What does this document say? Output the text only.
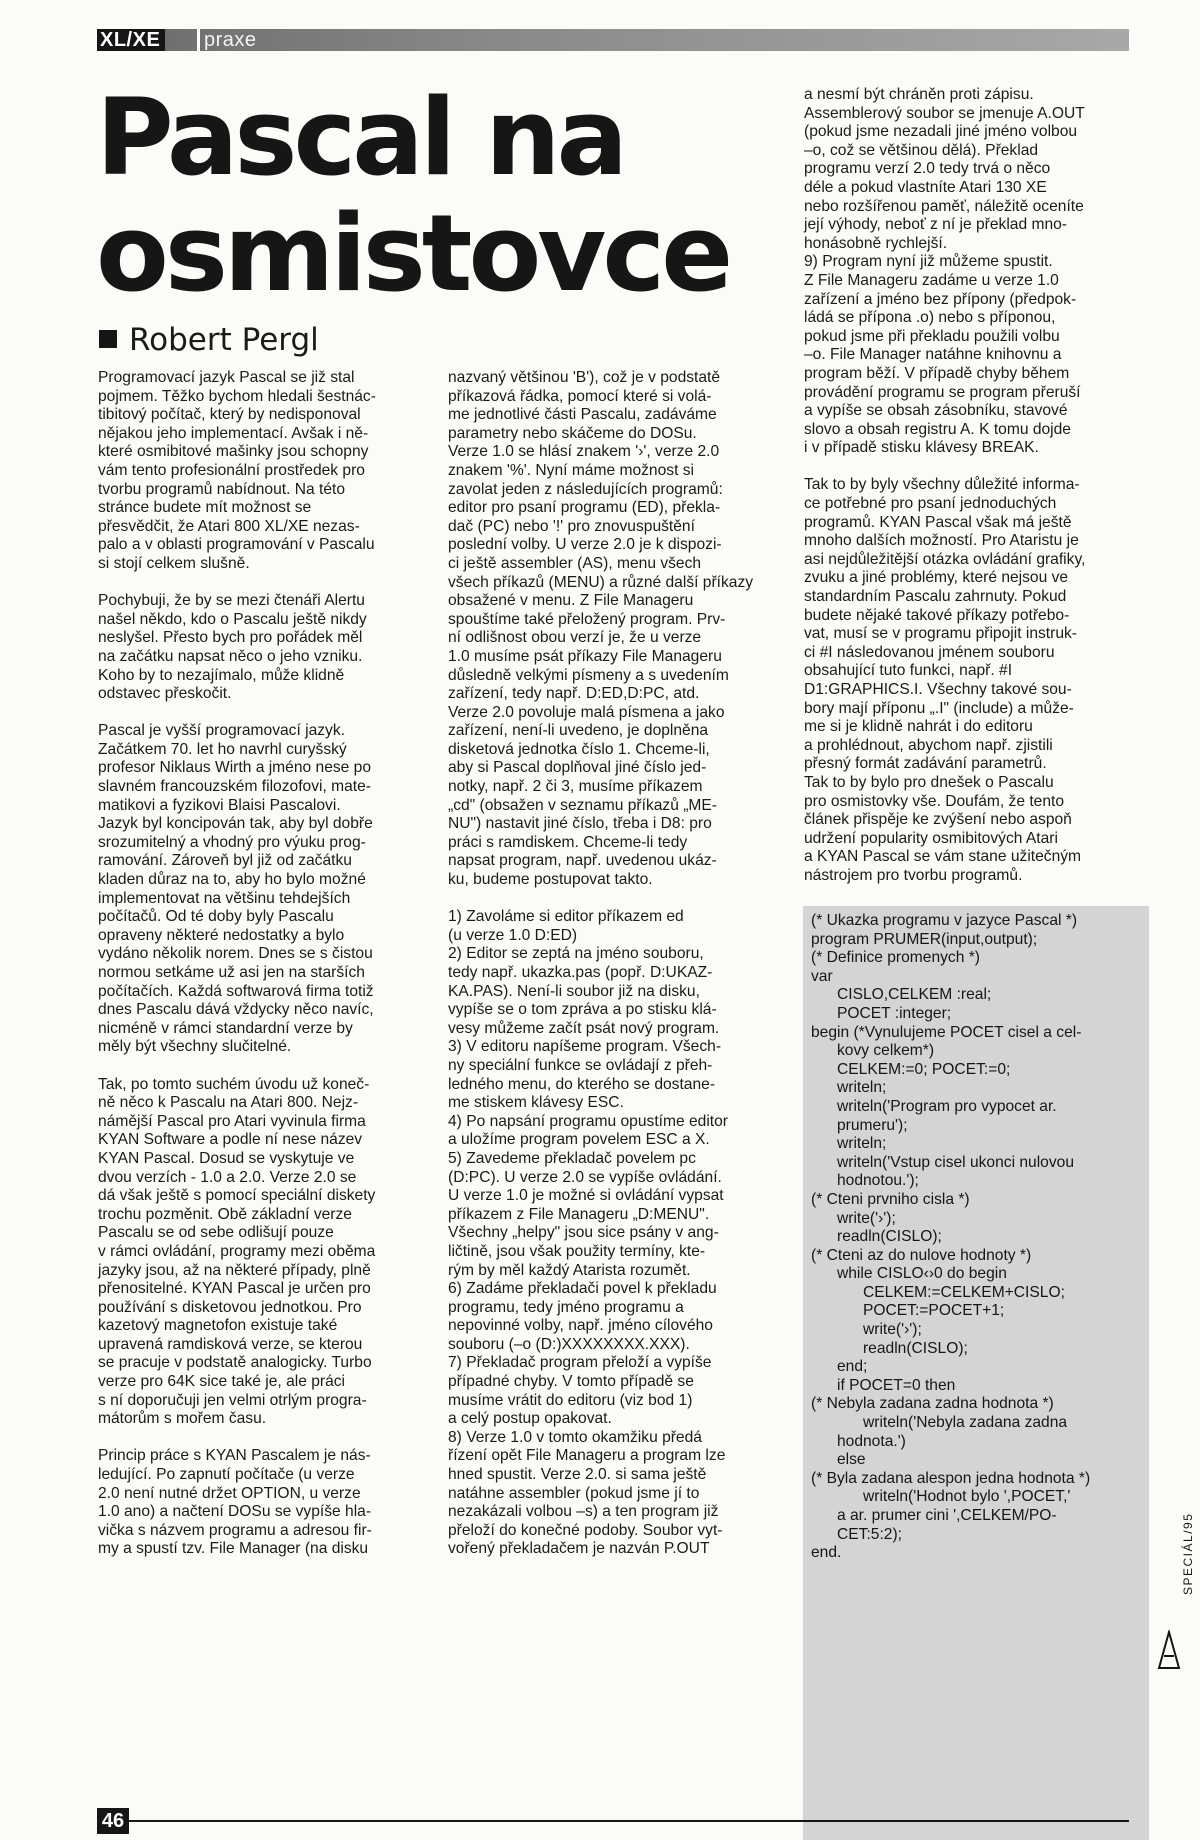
XL/XE	praxe
Pascal na
osmistovce
Robert Pergl

Programovací jazyk Pascal se již stal
pojmem. Těžko bychom hledali šestnác-
tibitový počítač, který by nedisponoval
nějakou jeho implementací. Avšak i ně-
které osmibitové mašinky jsou schopny
vám tento profesionální prostředek pro
tvorbu programů nabídnout. Na této
stránce budete mít možnost se
přesvědčit, že Atari 800 XL/XE nezas-
palo a v oblasti programování v Pascalu
si stojí celkem slušně.

Pochybuji, že by se mezi čtenáři Alertu
našel někdo, kdo o Pascalu ještě nikdy
neslyšel. Přesto bych pro pořádek měl
na začátku napsat něco o jeho vzniku.
Koho by to nezajímalo, může klidně
odstavec přeskočit.

Pascal je vyšší programovací jazyk.
Začátkem 70. let ho navrhl curyšský
profesor Niklaus Wirth a jméno nese po
slavném francouzském filozofovi, mate-
matikovi a fyzikovi Blaisi Pascalovi.
Jazyk byl koncipován tak, aby byl dobře
srozumitelný a vhodný pro výuku prog-
ramování. Zároveň byl již od začátku
kladen důraz na to, aby ho bylo možné
implementovat na většinu tehdejších
počítačů. Od té doby byly Pascalu
opraveny některé nedostatky a bylo
vydáno několik norem. Dnes se s čistou
normou setkáme už asi jen na starších
počítačích. Každá softwarová firma totiž
dnes Pascalu dává vždycky něco navíc,
nicméně v rámci standardní verze by
měly být všechny slučitelné.

Tak, po tomto suchém úvodu už koneč-
ně něco k Pascalu na Atari 800. Nejz-
námější Pascal pro Atari vyvinula firma
KYAN Software a podle ní nese název
KYAN Pascal. Dosud se vyskytuje ve
dvou verzích - 1.0 a 2.0. Verze 2.0 se
dá však ještě s pomocí speciální diskety
trochu pozměnit. Obě základní verze
Pascalu se od sebe odlišují pouze
v rámci ovládání, programy mezi oběma
jazyky jsou, až na některé případy, plně
přenositelné. KYAN Pascal je určen pro
používání s disketovou jednotkou. Pro
kazetový magnetofon existuje také
upravená ramdisková verze, se kterou
se pracuje v podstatě analogicky. Turbo
verze pro 64K sice také je, ale práci
s ní doporučuji jen velmi otrlým progra-
mátorům s mořem času.

Princip práce s KYAN Pascalem je nás-
ledující. Po zapnutí počítače (u verze
2.0 není nutné držet OPTION, u verze
1.0 ano) a načtení DOSu se vypíše hla-
vička s názvem programu a adresou fir-
my a spustí tzv. File Manager (na disku

nazvaný většinou 'B'), což je v podstatě
příkazová řádka, pomocí které si volá-
me jednotlivé části Pascalu, zadáváme
parametry nebo skáčeme do DOSu.
Verze 1.0 se hlásí znakem '›', verze 2.0
znakem '%'. Nyní máme možnost si
zavolat jeden z následujících programů:
editor pro psaní programu (ED), překla-
dač (PC) nebo '!' pro znovuspuštění
poslední volby. U verze 2.0 je k dispozi-
ci ještě assembler (AS), menu všech
všech příkazů (MENU) a různé další příkazy
obsažené v menu. Z File Manageru
spouštíme také přeložený program. Prv-
ní odlišnost obou verzí je, že u verze
1.0 musíme psát příkazy File Manageru
důsledně velkými písmeny a s uvedením
zařízení, tedy např. D:ED,D:PC, atd.
Verze 2.0 povoluje malá písmena a jako
zařízení, není-li uvedeno, je doplněna
disketová jednotka číslo 1. Chceme-li,
aby si Pascal doplňoval jiné číslo jed-
notky, např. 2 či 3, musíme příkazem
„cd" (obsažen v seznamu příkazů „ME-
NU") nastavit jiné číslo, třeba i D8: pro
práci s ramdiskem. Chceme-li tedy
napsat program, např. uvedenou ukáz-
ku, budeme postupovat takto.

1) Zavoláme si editor příkazem ed
(u verze 1.0 D:ED)
2) Editor se zeptá na jméno souboru,
tedy např. ukazka.pas (popř. D:UKAZ-
KA.PAS). Není-li soubor již na disku,
vypíše se o tom zpráva a po stisku klá-
vesy můžeme začít psát nový program.
3) V editoru napíšeme program. Všech-
ny speciální funkce se ovládají z přeh-
ledného menu, do kterého se dostane-
me stiskem klávesy ESC.
4) Po napsání programu opustíme editor
a uložíme program povelem ESC a X.
5) Zavedeme překladač povelem pc
(D:PC). U verze 2.0 se vypíše ovládání.
U verze 1.0 je možné si ovládání vypsat
příkazem z File Manageru „D:MENU".
Všechny „helpy" jsou sice psány v ang-
ličtině, jsou však použity termíny, kte-
rým by měl každý Atarista rozumět.
6) Zadáme překladači povel k překladu
programu, tedy jméno programu a
nepovinné volby, např. jméno cílového
souboru (–o (D:)XXXXXXXX.XXX).
7) Překladač program přeloží a vypíše
případné chyby. V tomto případě se
musíme vrátit do editoru (viz bod 1)
a celý postup opakovat.
8) Verze 1.0 v tomto okamžiku předá
řízení opět File Manageru a program lze
hned spustit. Verze 2.0. si sama ještě
natáhne assembler (pokud jsme jí to
nezakázali volbou –s) a ten program již
přeloží do konečné podoby. Soubor vyt-
vořený překladačem je nazván P.OUT

a nesmí být chráněn proti zápisu.
Assemblerový soubor se jmenuje A.OUT
(pokud jsme nezadali jiné jméno volbou
–o, což se většinou dělá). Překlad
programu verzí 2.0 tedy trvá o něco
déle a pokud vlastníte Atari 130 XE
nebo rozšířenou paměť, náležitě oceníte
její výhody, neboť z ní je překlad mno-
honásobně rychlejší.
9) Program nyní již můžeme spustit.
Z File Manageru zadáme u verze 1.0
zařízení a jméno bez přípony (předpok-
ládá se přípona .o) nebo s příponou,
pokud jsme při překladu použili volbu
–o. File Manager natáhne knihovnu a
program běží. V případě chyby během
provádění programu se program přeruší
a vypíše se obsah zásobníku, stavové
slovo a obsah registru A. K tomu dojde
i v případě stisku klávesy BREAK.

Tak to by byly všechny důležité informa-
ce potřebné pro psaní jednoduchých
programů. KYAN Pascal však má ještě
mnoho dalších možností. Pro Ataristu je
asi nejdůležitější otázka ovládání grafiky,
zvuku a jiné problémy, které nejsou ve
standardním Pascalu zahrnuty. Pokud
budete nějaké takové příkazy potřebo-
vat, musí se v programu připojit instruk-
ci #I následovanou jménem souboru
obsahující tuto funkci, např. #I
D1:GRAPHICS.I. Všechny takové sou-
bory mají příponu „.I" (include) a může-
me si je klidně nahrát i do editoru
a prohlédnout, abychom např. zjistili
přesný formát zadávání parametrů.
Tak to by bylo pro dnešek o Pascalu
pro osmistovky vše. Doufám, že tento
článek přispěje ke zvýšení nebo aspoň
udržení popularity osmibitových Atari
a KYAN Pascal se vám stane užitečným
nástrojem pro tvorbu programů.

(* Ukazka programu v jazyce Pascal *)
program PRUMER(input,output);
(* Definice promenych *)
var
CISLO,CELKEM :real;
POCET :integer;
begin (*Vynulujeme POCET cisel a cel-
kovy celkem*)
CELKEM:=0; POCET:=0;
writeln;
writeln('Program pro vypocet ar.
prumeru');
writeln;
writeln('Vstup cisel ukonci nulovou
hodnotou.');
(* Cteni prvniho cisla *)
write('›');
readln(CISLO);
(* Cteni az do nulove hodnoty *)
while CISLO‹›0 do begin
CELKEM:=CELKEM+CISLO;
POCET:=POCET+1;
write('›');
readln(CISLO);
end;
if POCET=0 then
(* Nebyla zadana zadna hodnota *)
writeln('Nebyla zadana zadna
hodnota.')
else
(* Byla zadana alespon jedna hodnota *)
writeln('Hodnot bylo ',POCET,'
a ar. prumer cini ',CELKEM/PO-
CET:5:2);
end.
46
SPECIÁL/95
